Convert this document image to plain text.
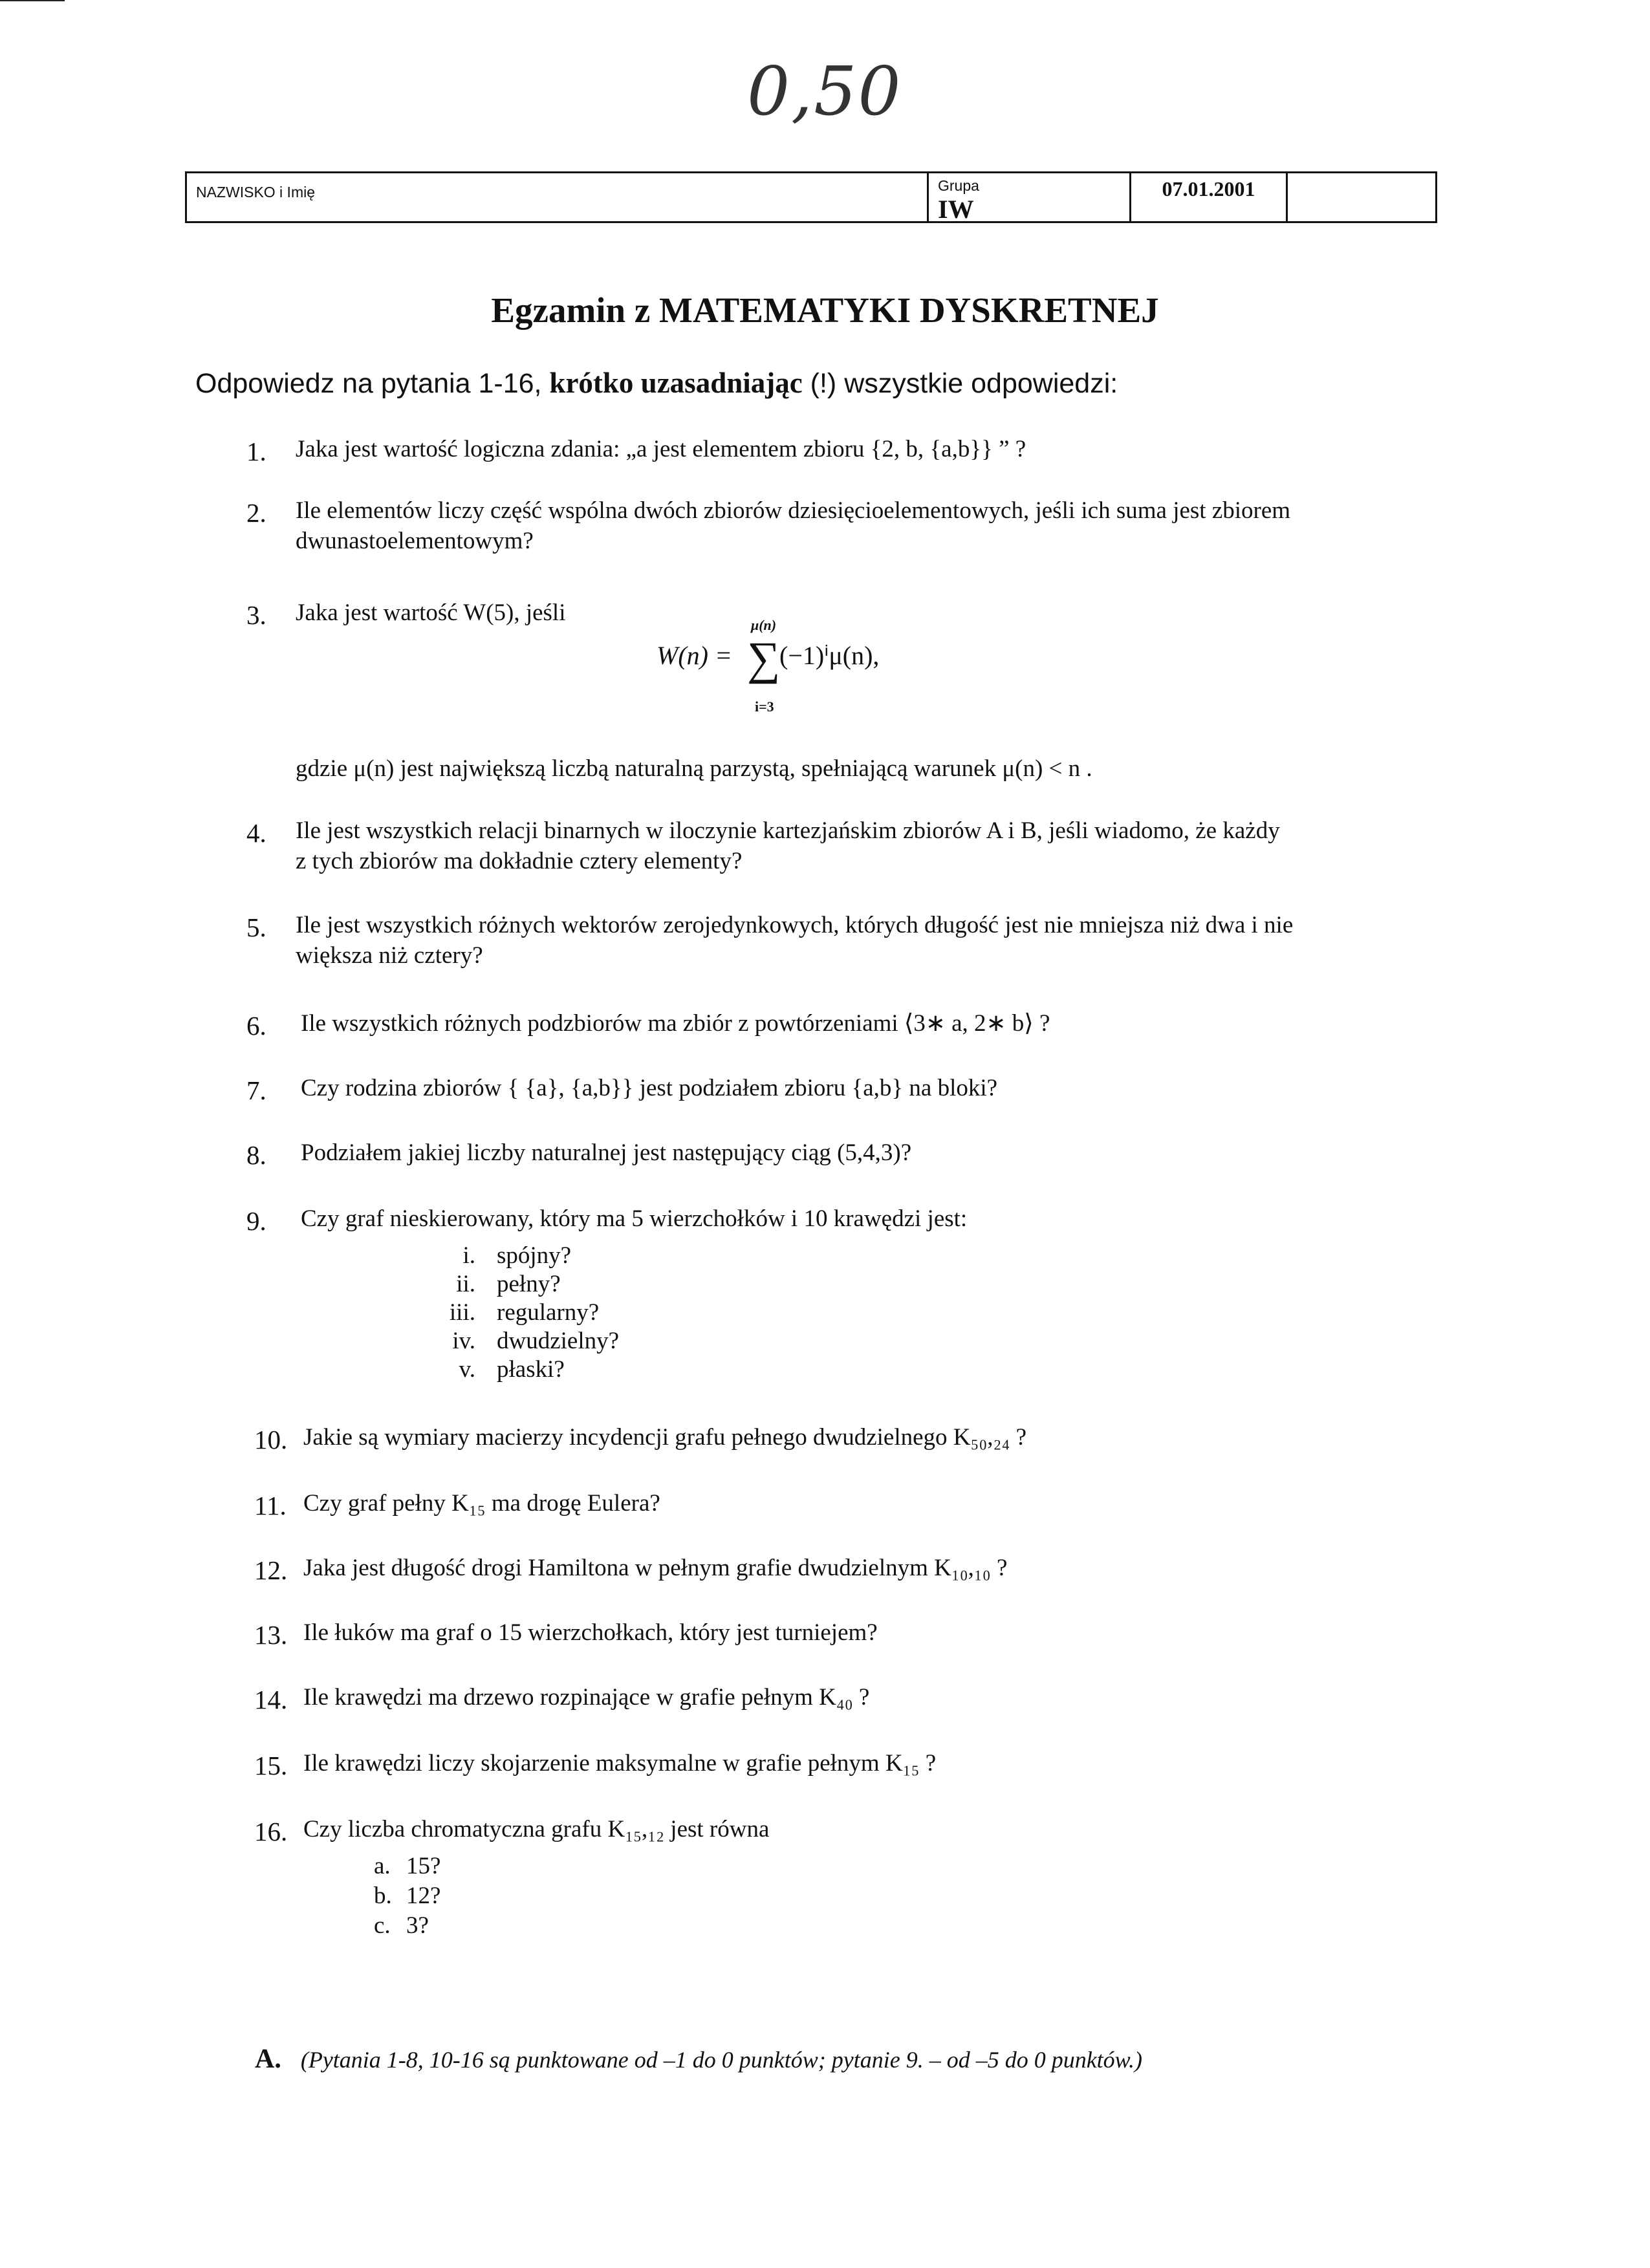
0,50
NAZWISKO i Imię	Grupa
IW
07.01.2001
Egzamin z MATEMATYKI DYSKRETNEJ
Odpowiedz na pytania 1-16, krótko uzasadniając (!) wszystkie odpowiedzi:
1. Jaka jest wartość logiczna zdania: „a jest elementem zbioru {2, b, {a,b}} ” ?
2. Ile elementów liczy część wspólna dwóch zbiorów dziesięcioelementowych, jeśli ich suma jest zbiorem
dwunastoelementowym?
3. Jaka jest wartość W(5), jeśli
W(n) =
μ(n)
∑
i=3
(−1)ⁱμ(n),
gdzie μ(n) jest największą liczbą naturalną parzystą, spełniającą warunek μ(n) < n .
4. Ile jest wszystkich relacji binarnych w iloczynie kartezjańskim zbiorów A i B, jeśli wiadomo, że każdy
z tych zbiorów ma dokładnie cztery elementy?
5. Ile jest wszystkich różnych wektorów zerojedynkowych, których długość jest nie mniejsza niż dwa i nie
większa niż cztery?
6. Ile wszystkich różnych podzbiorów ma zbiór z powtórzeniami ⟨3∗ a, 2∗ b⟩ ?
7. Czy rodzina zbiorów { {a}, {a,b}} jest podziałem zbioru {a,b} na bloki?
8. Podziałem jakiej liczby naturalnej jest następujący ciąg (5,4,3)?
9. Czy graf nieskierowany, który ma 5 wierzchołków i 10 krawędzi jest:
i. spójny?
ii. pełny?
iii. regularny?
iv. dwudzielny?
v. płaski?
10. Jakie są wymiary macierzy incydencji grafu pełnego dwudzielnego K₅₀,₂₄ ?
11. Czy graf pełny K₁₅ ma drogę Eulera?
12. Jaka jest długość drogi Hamiltona w pełnym grafie dwudzielnym K₁₀,₁₀ ?
13. Ile łuków ma graf o 15 wierzchołkach, który jest turniejem?
14. Ile krawędzi ma drzewo rozpinające w grafie pełnym K₄₀ ?
15. Ile krawędzi liczy skojarzenie maksymalne w grafie pełnym K₁₅ ?
16. Czy liczba chromatyczna grafu K₁₅,₁₂ jest równa
a. 15?
b. 12?
c. 3?
A. (Pytania 1-8, 10-16 są punktowane od –1 do 0 punktów; pytanie 9. – od –5 do 0 punktów.)
